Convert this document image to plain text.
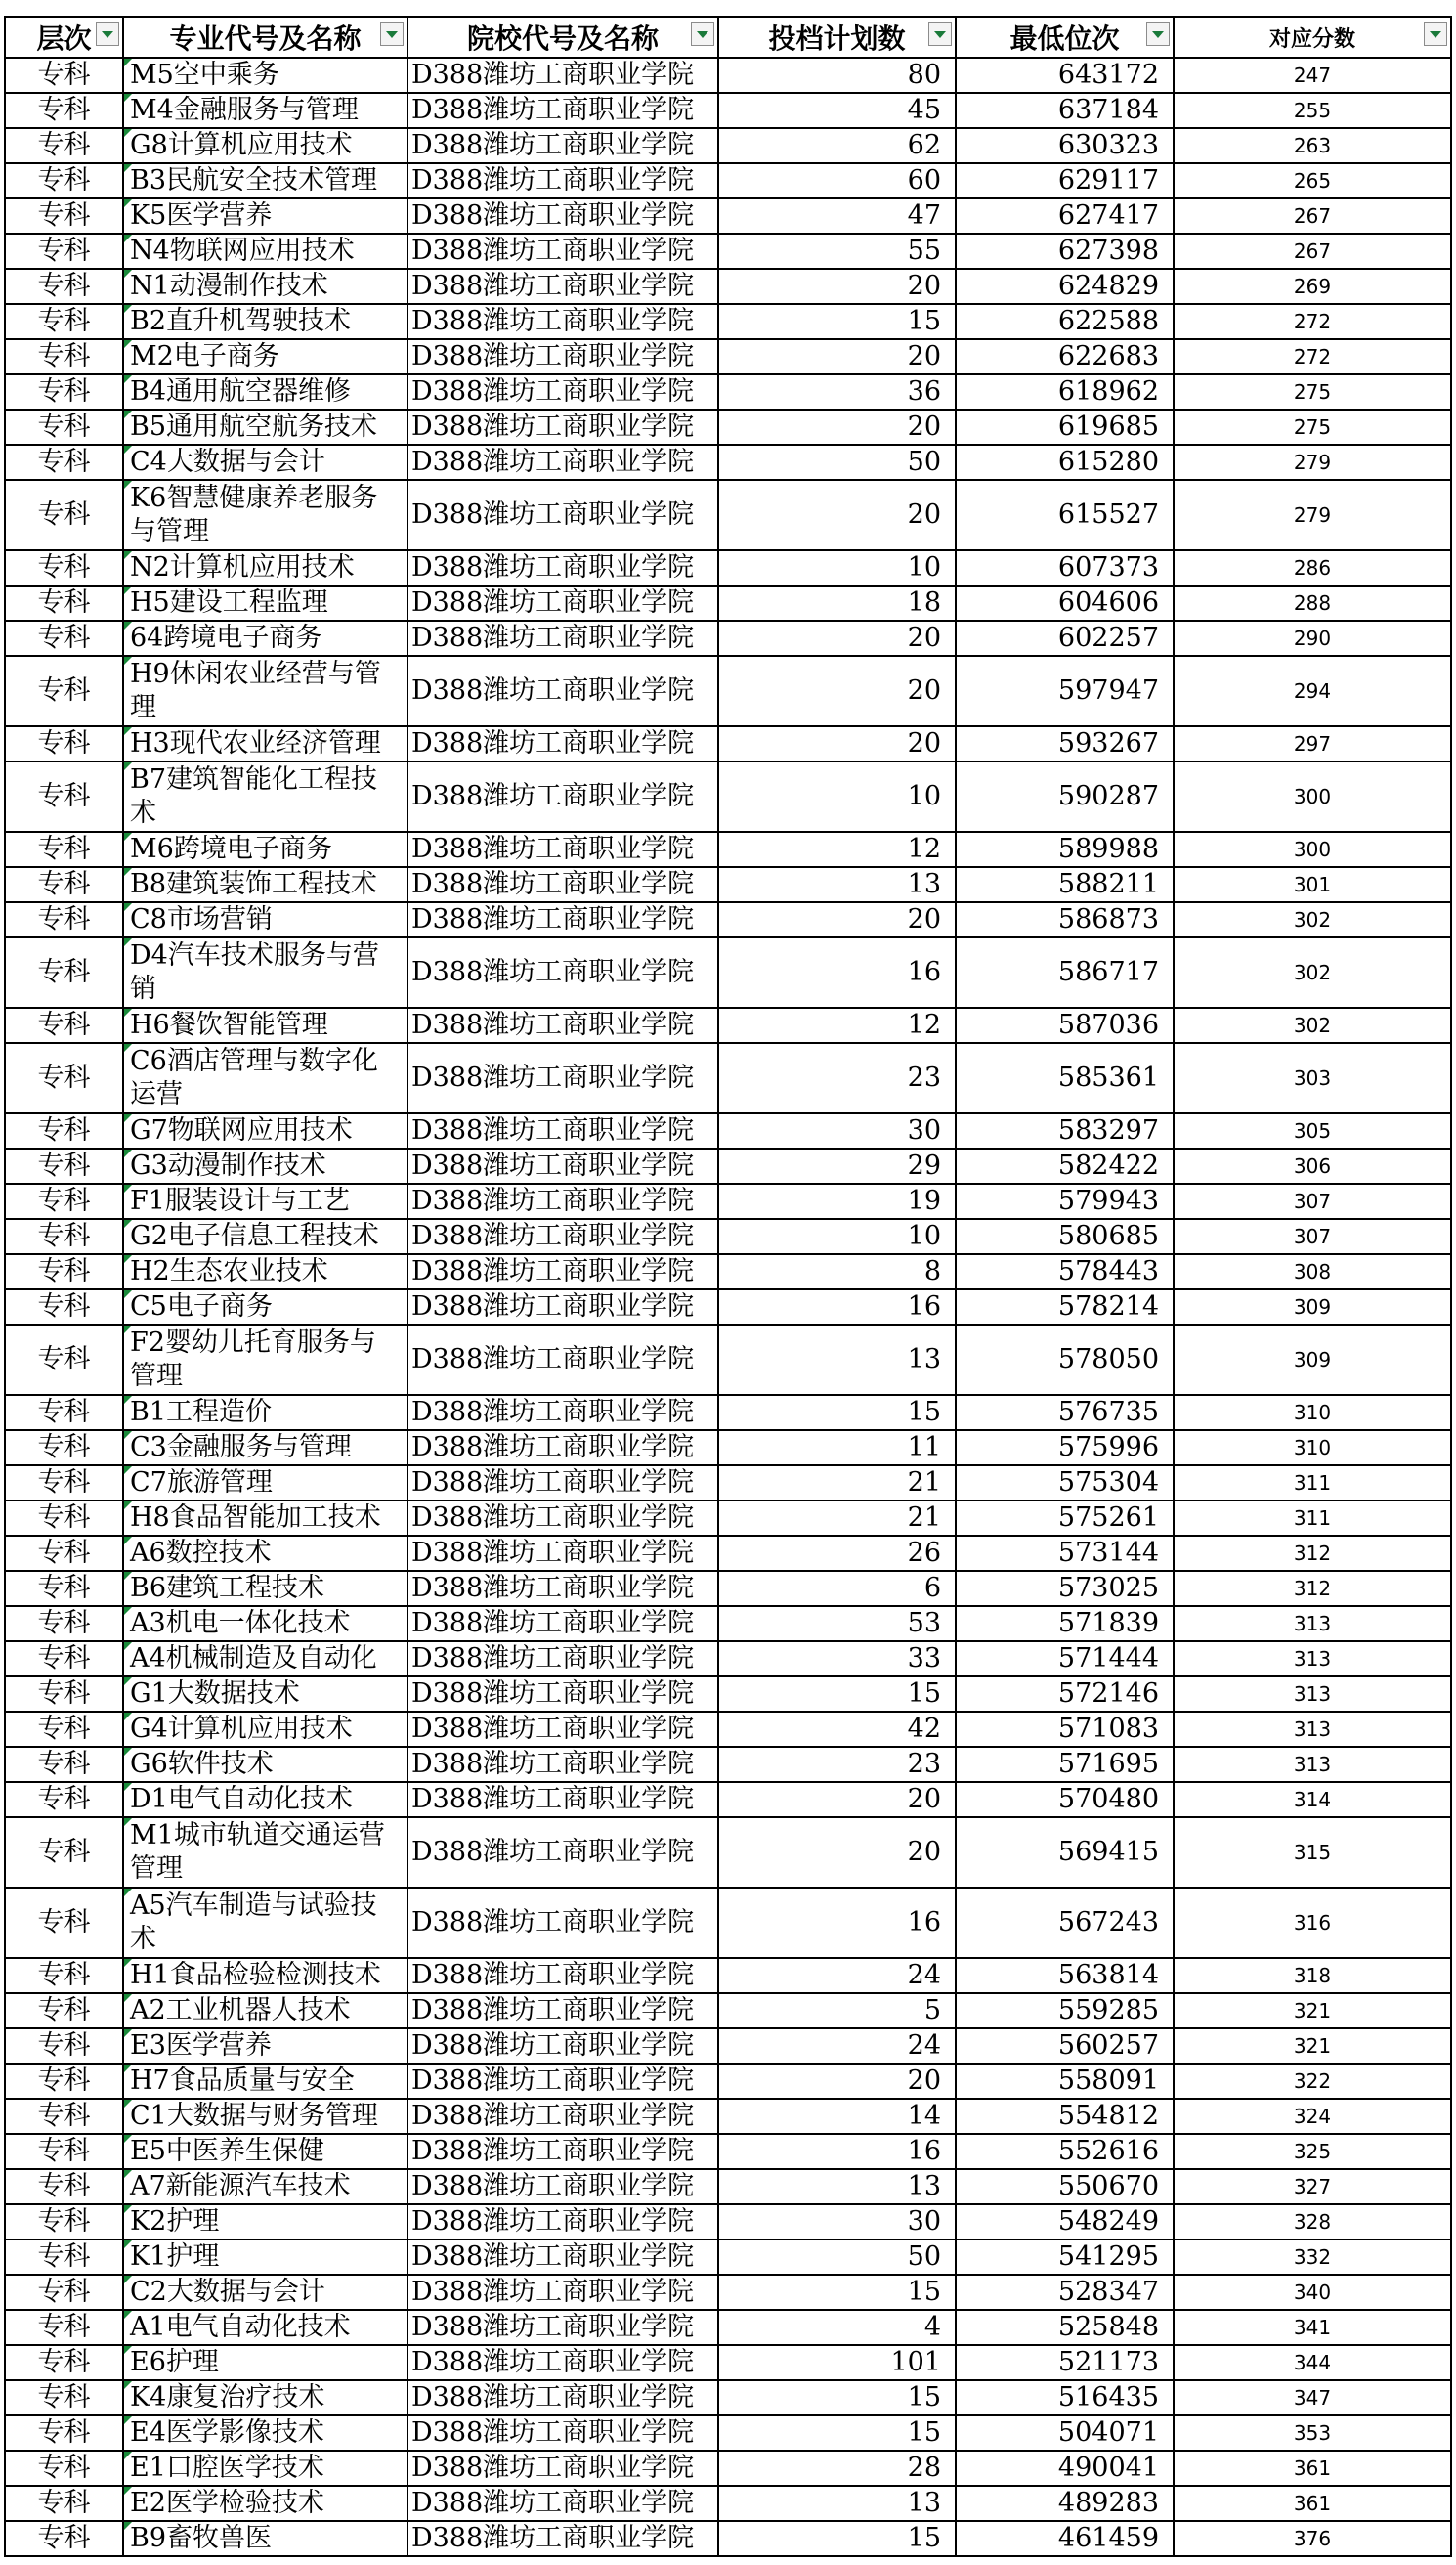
层次	专业代号及名称	院校代号及名称	投档计划数	最低位次	对应分数

专科	M5空中乘务	D388潍坊工商职业学院	80	643172	247
专科	M4金融服务与管理	D388潍坊工商职业学院	45	637184	255
专科	G8计算机应用技术	D388潍坊工商职业学院	62	630323	263
专科	B3民航安全技术管理	D388潍坊工商职业学院	60	629117	265
专科	K5医学营养	D388潍坊工商职业学院	47	627417	267
专科	N4物联网应用技术	D388潍坊工商职业学院	55	627398	267
专科	N1动漫制作技术	D388潍坊工商职业学院	20	624829	269
专科	B2直升机驾驶技术	D388潍坊工商职业学院	15	622588	272
专科	M2电子商务	D388潍坊工商职业学院	20	622683	272
专科	B4通用航空器维修	D388潍坊工商职业学院	36	618962	275
专科	B5通用航空航务技术	D388潍坊工商职业学院	20	619685	275
专科	C4大数据与会计	D388潍坊工商职业学院	50	615280	279
专科	K6智慧健康养老服务与管理	D388潍坊工商职业学院	20	615527	279
专科	N2计算机应用技术	D388潍坊工商职业学院	10	607373	286
专科	H5建设工程监理	D388潍坊工商职业学院	18	604606	288
专科	64跨境电子商务	D388潍坊工商职业学院	20	602257	290
专科	H9休闲农业经营与管理	D388潍坊工商职业学院	20	597947	294
专科	H3现代农业经济管理	D388潍坊工商职业学院	20	593267	297
专科	B7建筑智能化工程技术	D388潍坊工商职业学院	10	590287	300
专科	M6跨境电子商务	D388潍坊工商职业学院	12	589988	300
专科	B8建筑装饰工程技术	D388潍坊工商职业学院	13	588211	301
专科	C8市场营销	D388潍坊工商职业学院	20	586873	302
专科	D4汽车技术服务与营销	D388潍坊工商职业学院	16	586717	302
专科	H6餐饮智能管理	D388潍坊工商职业学院	12	587036	302
专科	C6酒店管理与数字化运营	D388潍坊工商职业学院	23	585361	303
专科	G7物联网应用技术	D388潍坊工商职业学院	30	583297	305
专科	G3动漫制作技术	D388潍坊工商职业学院	29	582422	306
专科	F1服装设计与工艺	D388潍坊工商职业学院	19	579943	307
专科	G2电子信息工程技术	D388潍坊工商职业学院	10	580685	307
专科	H2生态农业技术	D388潍坊工商职业学院	8	578443	308
专科	C5电子商务	D388潍坊工商职业学院	16	578214	309
专科	F2婴幼儿托育服务与管理	D388潍坊工商职业学院	13	578050	309
专科	B1工程造价	D388潍坊工商职业学院	15	576735	310
专科	C3金融服务与管理	D388潍坊工商职业学院	11	575996	310
专科	C7旅游管理	D388潍坊工商职业学院	21	575304	311
专科	H8食品智能加工技术	D388潍坊工商职业学院	21	575261	311
专科	A6数控技术	D388潍坊工商职业学院	26	573144	312
专科	B6建筑工程技术	D388潍坊工商职业学院	6	573025	312
专科	A3机电一体化技术	D388潍坊工商职业学院	53	571839	313
专科	A4机械制造及自动化	D388潍坊工商职业学院	33	571444	313
专科	G1大数据技术	D388潍坊工商职业学院	15	572146	313
专科	G4计算机应用技术	D388潍坊工商职业学院	42	571083	313
专科	G6软件技术	D388潍坊工商职业学院	23	571695	313
专科	D1电气自动化技术	D388潍坊工商职业学院	20	570480	314
专科	M1城市轨道交通运营管理	D388潍坊工商职业学院	20	569415	315
专科	A5汽车制造与试验技术	D388潍坊工商职业学院	16	567243	316
专科	H1食品检验检测技术	D388潍坊工商职业学院	24	563814	318
专科	A2工业机器人技术	D388潍坊工商职业学院	5	559285	321
专科	E3医学营养	D388潍坊工商职业学院	24	560257	321
专科	H7食品质量与安全	D388潍坊工商职业学院	20	558091	322
专科	C1大数据与财务管理	D388潍坊工商职业学院	14	554812	324
专科	E5中医养生保健	D388潍坊工商职业学院	16	552616	325
专科	A7新能源汽车技术	D388潍坊工商职业学院	13	550670	327
专科	K2护理	D388潍坊工商职业学院	30	548249	328
专科	K1护理	D388潍坊工商职业学院	50	541295	332
专科	C2大数据与会计	D388潍坊工商职业学院	15	528347	340
专科	A1电气自动化技术	D388潍坊工商职业学院	4	525848	341
专科	E6护理	D388潍坊工商职业学院	101	521173	344
专科	K4康复治疗技术	D388潍坊工商职业学院	15	516435	347
专科	E4医学影像技术	D388潍坊工商职业学院	15	504071	353
专科	E1口腔医学技术	D388潍坊工商职业学院	28	490041	361
专科	E2医学检验技术	D388潍坊工商职业学院	13	489283	361
专科	B9畜牧兽医	D388潍坊工商职业学院	15	461459	376
